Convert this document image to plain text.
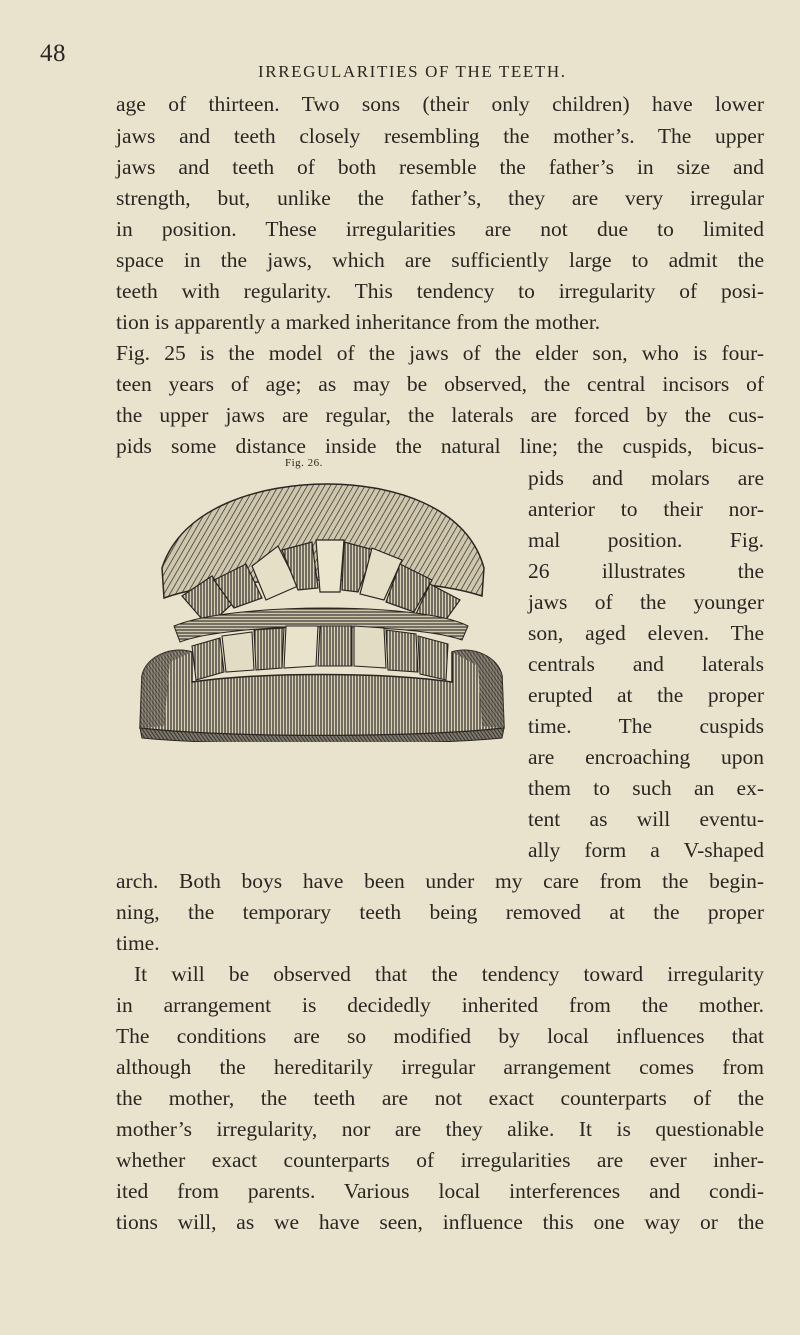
48
IRREGULARITIES OF THE TEETH.
age of thirteen. Two sons (their only children) have lower
jaws and teeth closely resembling the mother’s. The upper
jaws and teeth of both resemble the father’s in size and
strength, but, unlike the father’s, they are very irregular
in position. These irregularities are not due to limited
space in the jaws, which are sufficiently large to admit the
teeth with regularity. This tendency to irregularity of posi-
tion is apparently a marked inheritance from the mother.
Fig. 25 is the model of the jaws of the elder son, who is four-
teen years of age; as may be observed, the central incisors of
the upper jaws are regular, the laterals are forced by the cus-
pids some distance inside the natural line; the cuspids, bicus-
pids and molars are
anterior to their nor-
mal position. Fig.
26 illustrates the
jaws of the younger
son, aged eleven. The
centrals and laterals
erupted at the proper
time. The cuspids
are encroaching upon
them to such an ex-
tent as will eventu-
ally form a V-shaped
arch. Both boys have been under my care from the begin-
ning, the temporary teeth being removed at the proper
time.
It will be observed that the tendency toward irregularity
in arrangement is decidedly inherited from the mother.
The conditions are so modified by local influences that
although the hereditarily irregular arrangement comes from
the mother, the teeth are not exact counterparts of the
mother’s irregularity, nor are they alike. It is questionable
whether exact counterparts of irregularities are ever inher-
ited from parents. Various local interferences and condi-
tions will, as we have seen, influence this one way or the
Fig. 26.
